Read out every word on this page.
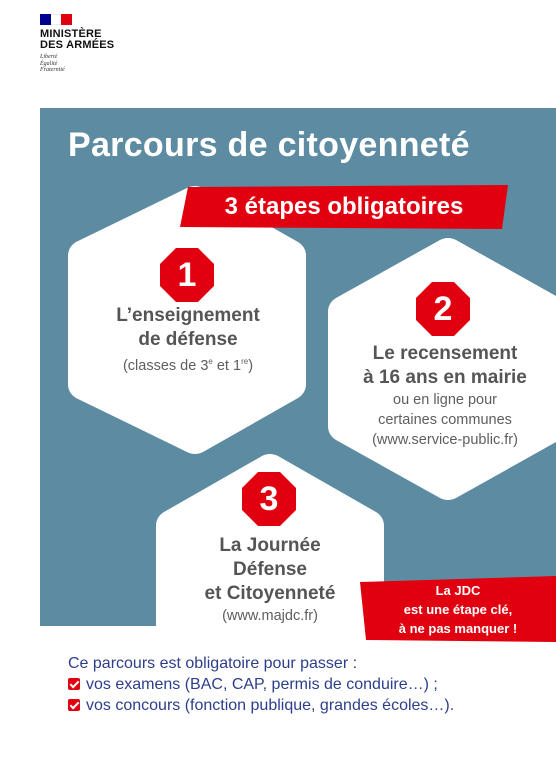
MINISTÈRE
DES ARMÉES
Liberté
Égalité
Fraternité
Parcours de citoyenneté
3 étapes obligatoires
1
L’enseignement
de défense
(classes de 3e et 1re)
2
Le recensement
à 16 ans en mairie
ou en ligne pour
certaines communes
(www.service-public.fr)
3
La Journée
Défense
et Citoyenneté
(www.majdc.fr)
La JDC
est une étape clé,
à ne pas manquer !
Ce parcours est obligatoire pour passer :
vos examens (BAC, CAP, permis de conduire…) ;
vos concours (fonction publique, grandes écoles…).
